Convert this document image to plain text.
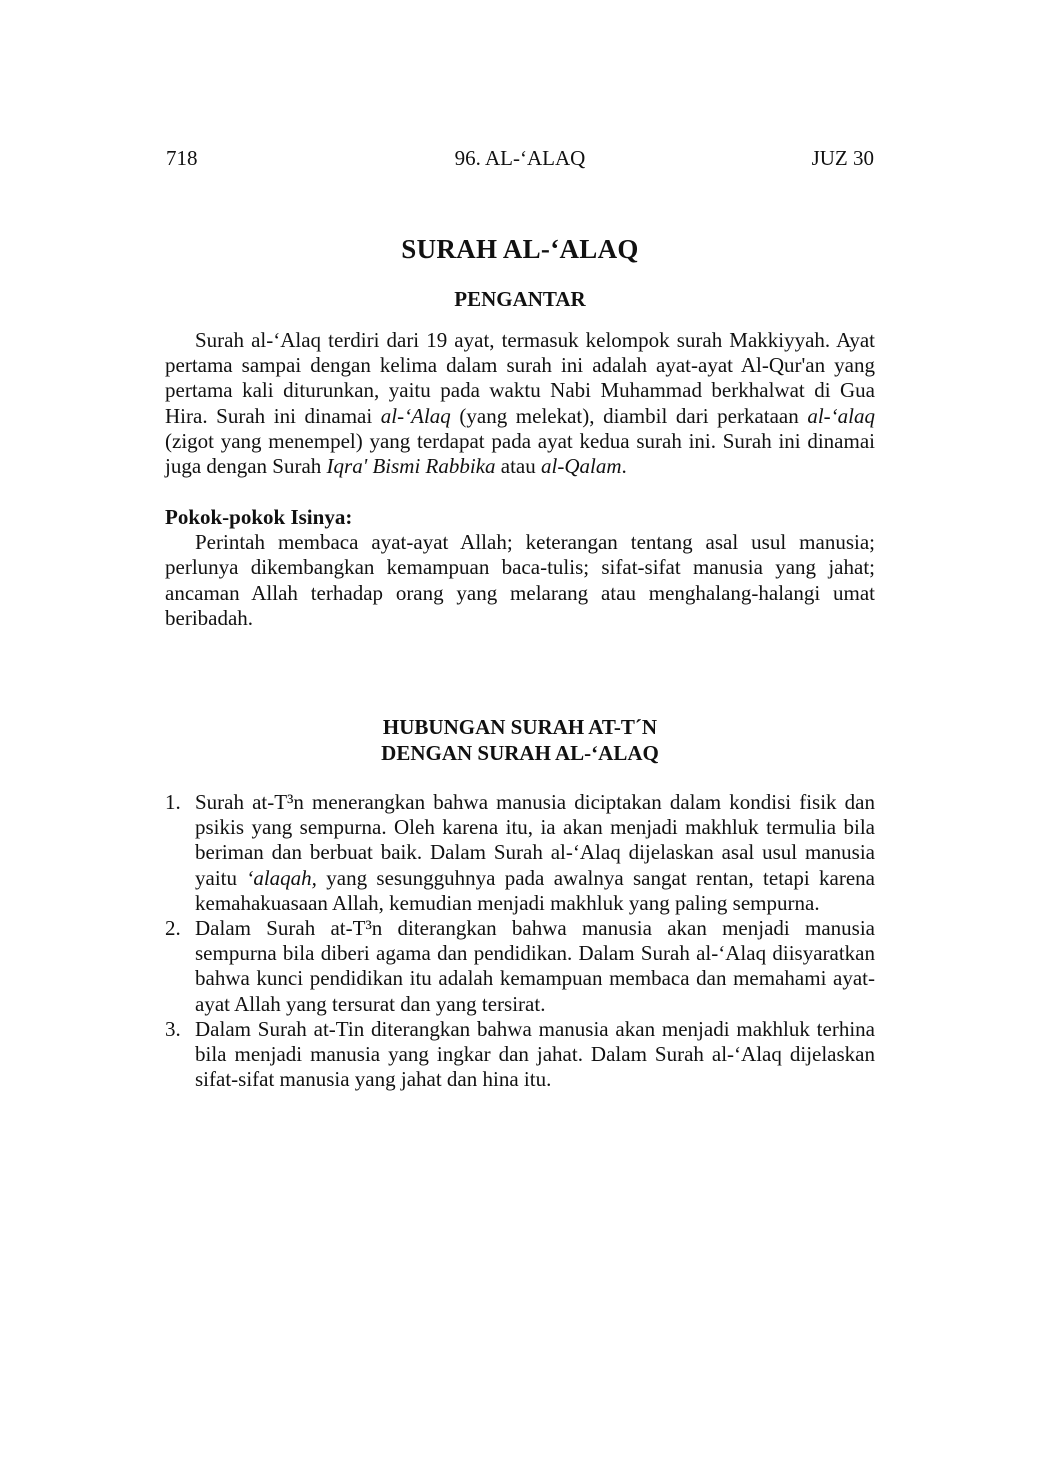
718	96. AL-‘ALAQ	JUZ 30
SURAH AL-‘ALAQ
PENGANTAR

Surah al-‘Alaq terdiri dari 19 ayat, termasuk kelompok surah Makkiyyah. Ayat pertama sampai dengan kelima dalam surah ini adalah ayat-ayat Al-Qur'an yang pertama kali diturunkan, yaitu pada waktu Nabi Muhammad berkhalwat di Gua Hira. Surah ini dinamai al-‘Alaq (yang melekat), diambil dari perkataan al-‘alaq (zigot yang menempel) yang terdapat pada ayat kedua surah ini. Surah ini dinamai juga dengan Surah Iqra' Bismi Rabbika atau al-Qalam.

Pokok-pokok Isinya:

Perintah membaca ayat-ayat Allah; keterangan tentang asal usul manusia; perlunya dikembangkan kemampuan baca-tulis; sifat-sifat manusia yang jahat; ancaman Allah terhadap orang yang melarang atau menghalang-halangi umat beribadah.

HUBUNGAN SURAH AT-T´N
DENGAN SURAH AL-‘ALAQ
1. Surah at-T³n menerangkan bahwa manusia diciptakan dalam kondisi fisik dan psikis yang sempurna. Oleh karena itu, ia akan menjadi makhluk termulia bila beriman dan berbuat baik. Dalam Surah al-‘Alaq dijelaskan asal usul manusia yaitu ‘alaqah, yang sesungguhnya pada awalnya sangat rentan, tetapi karena kemahakuasaan Allah, kemudian menjadi makhluk yang paling sempurna.
2. Dalam Surah at-T³n diterangkan bahwa manusia akan menjadi manusia sempurna bila diberi agama dan pendidikan. Dalam Surah al-‘Alaq diisyaratkan bahwa kunci pendidikan itu adalah kemampuan membaca dan memahami ayat-ayat Allah yang tersurat dan yang tersirat.
3. Dalam Surah at-Tin diterangkan bahwa manusia akan menjadi makhluk terhina bila menjadi manusia yang ingkar dan jahat. Dalam Surah al-‘Alaq dijelaskan sifat-sifat manusia yang jahat dan hina itu.
